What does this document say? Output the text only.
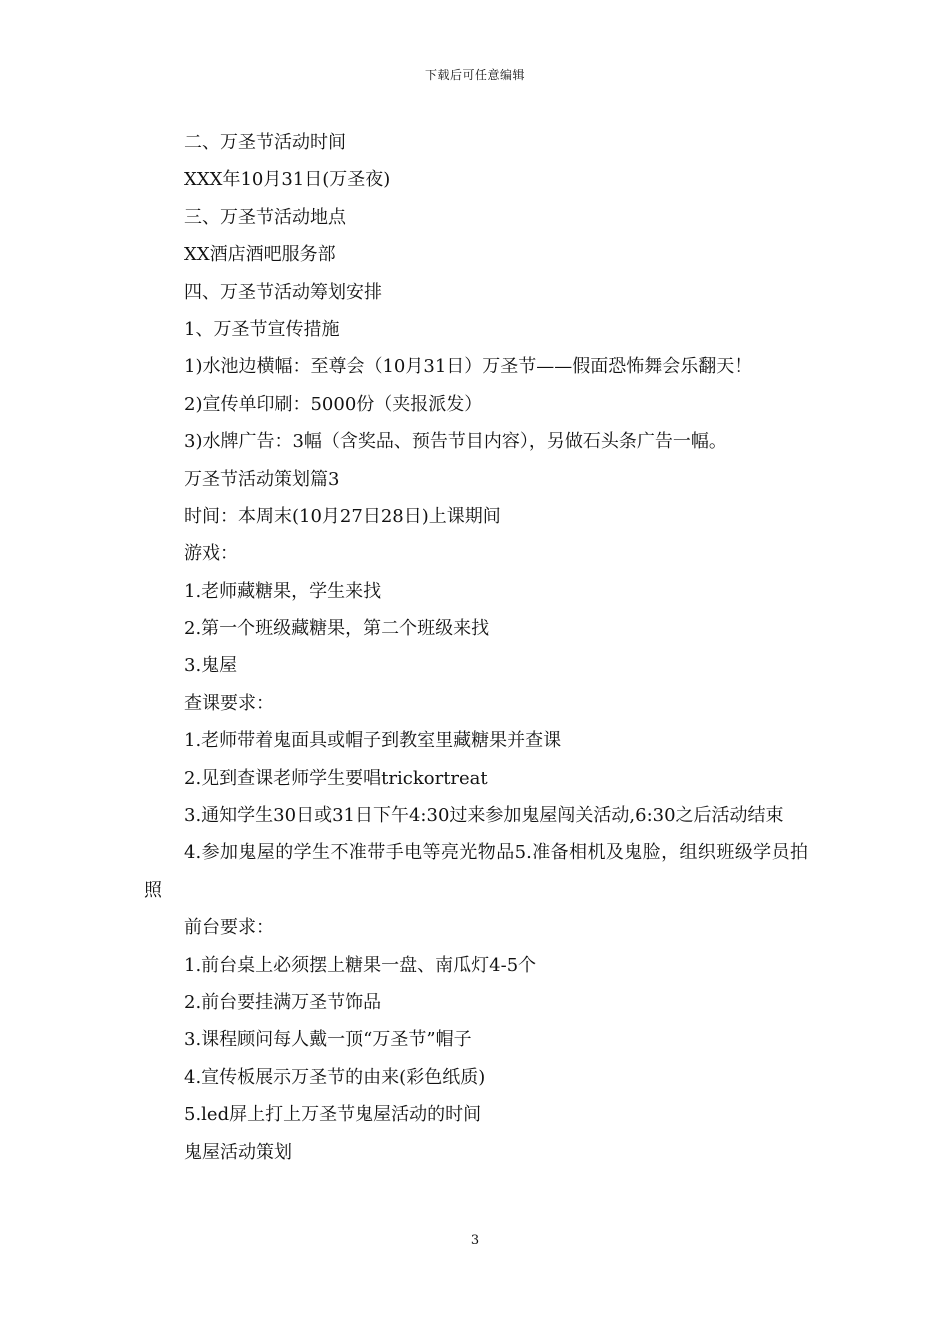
下载后可任意编辑
二、万圣节活动时间
XXX年10月31日(万圣夜)
三、万圣节活动地点
XX酒店酒吧服务部
四、万圣节活动筹划安排
1、万圣节宣传措施
1)水池边横幅：至尊会（10月31日）万圣节——假面恐怖舞会乐翻天！
2)宣传单印刷：5000份（夹报派发）
3)水牌广告：3幅（含奖品、预告节目内容），另做石头条广告一幅。
万圣节活动策划篇3
时间：本周末(10月27日28日)上课期间
游戏：
1.老师藏糖果，学生来找
2.第一个班级藏糖果，第二个班级来找
3.鬼屋
查课要求：
1.老师带着鬼面具或帽子到教室里藏糖果并查课
2.见到查课老师学生要唱trickortreat
3.通知学生30日或31日下午4:30过来参加鬼屋闯关活动,6:30之后活动结束
4.参加鬼屋的学生不准带手电等亮光物品5.准备相机及鬼脸，组织班级学员拍照
前台要求：
1.前台桌上必须摆上糖果一盘、南瓜灯4-5个
2.前台要挂满万圣节饰品
3.课程顾问每人戴一顶“万圣节”帽子
4.宣传板展示万圣节的由来(彩色纸质)
5.led屏上打上万圣节鬼屋活动的时间
鬼屋活动策划
3
